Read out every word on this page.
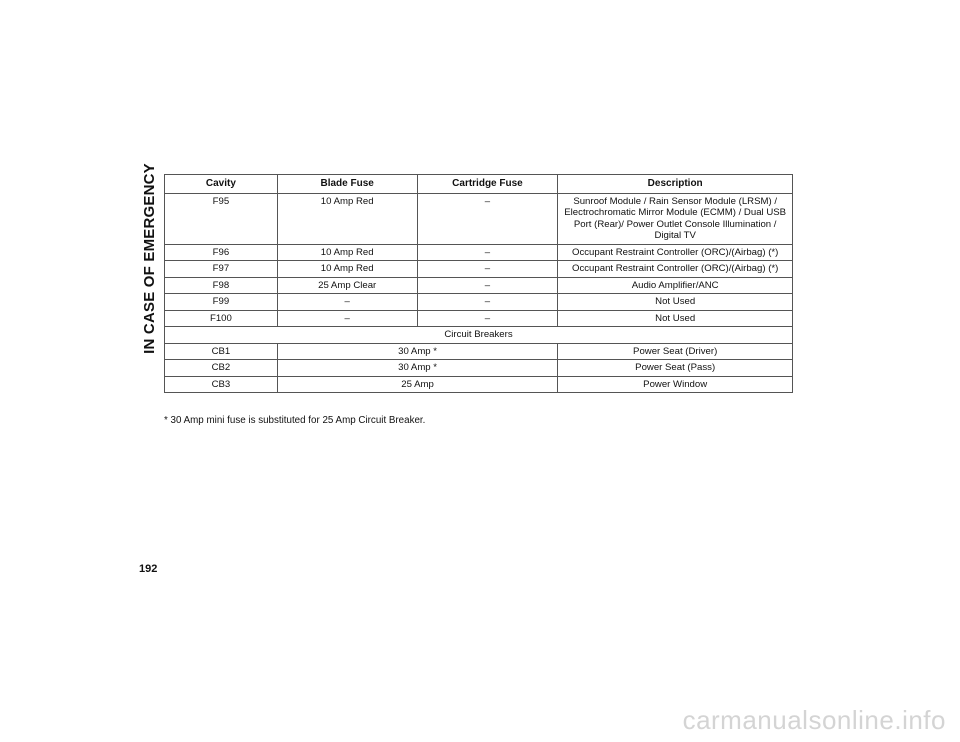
IN CASE OF EMERGENCY	Cavity	Blade Fuse	Cartridge Fuse	Description
F95	10 Amp Red	–	Sunroof Module / Rain Sensor Module (LRSM) / Electrochromatic Mirror Module (ECMM) / Dual USB Port (Rear)/ Power Outlet Console Illumination / Digital TV
F96	10 Amp Red	–	Occupant Restraint Controller (ORC)/(Airbag) (*)
F97	10 Amp Red	–	Occupant Restraint Controller (ORC)/(Airbag) (*)
F98	25 Amp Clear	–	Audio Amplifier/ANC
F99	–	–	Not Used
F100	–	–	Not Used
Circuit Breakers			
CB1	30 Amp *		Power Seat (Driver)
CB2	30 Amp *		Power Seat (Pass)
CB3	25 Amp		Power Window
* 30 Amp mini fuse is substituted for 25 Amp Circuit Breaker.
192
carmanualsonline.info
